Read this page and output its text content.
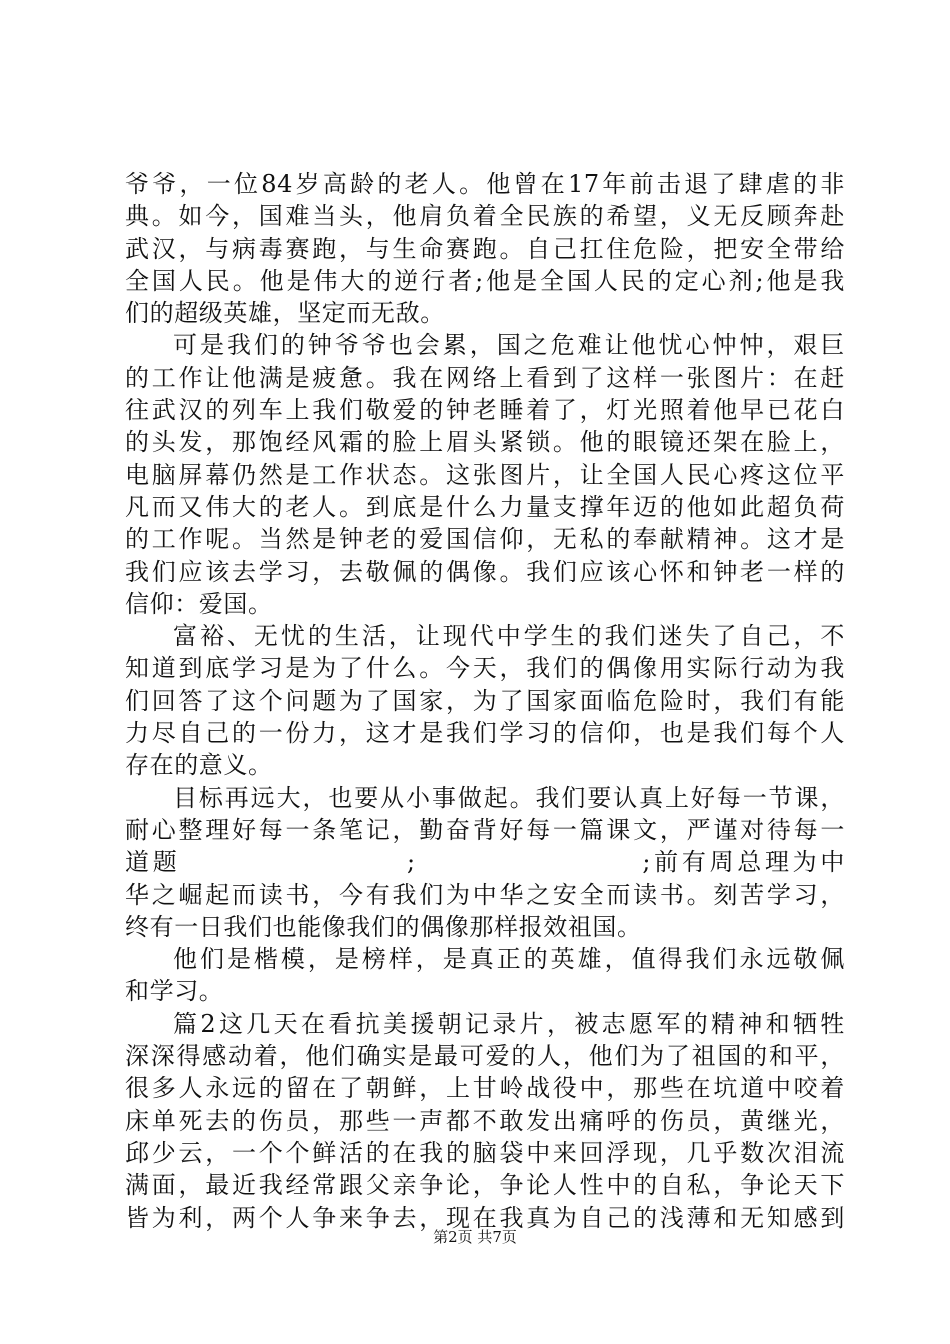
爷爷，一位84岁高龄的老人。他曾在17年前击退了肆虐的非
典。如今，国难当头，他肩负着全民族的希望，义无反顾奔赴
武汉，与病毒赛跑，与生命赛跑。自己扛住危险，把安全带给
全国人民。他是伟大的逆行者;他是全国人民的定心剂;他是我
们的超级英雄，坚定而无敌。
可是我们的钟爷爷也会累，国之危难让他忧心忡忡，艰巨
的工作让他满是疲惫。我在网络上看到了这样一张图片：在赶
往武汉的列车上我们敬爱的钟老睡着了，灯光照着他早已花白
的头发，那饱经风霜的脸上眉头紧锁。他的眼镜还架在脸上，
电脑屏幕仍然是工作状态。这张图片，让全国人民心疼这位平
凡而又伟大的老人。到底是什么力量支撑年迈的他如此超负荷
的工作呢。当然是钟老的爱国信仰，无私的奉献精神。这才是
我们应该去学习，去敬佩的偶像。我们应该心怀和钟老一样的
信仰：爱国。
富裕、无忧的生活，让现代中学生的我们迷失了自己，不
知道到底学习是为了什么。今天，我们的偶像用实际行动为我
们回答了这个问题为了国家，为了国家面临危险时，我们有能
力尽自己的一份力，这才是我们学习的信仰，也是我们每个人
存在的意义。
目标再远大，也要从小事做起。我们要认真上好每一节课，
耐心整理好每一条笔记，勤奋背好每一篇课文，严谨对待每一
道题                    ;                    ;前有周总理为中
华之崛起而读书，今有我们为中华之安全而读书。刻苦学习，
终有一日我们也能像我们的偶像那样报效祖国。
他们是楷模，是榜样，是真正的英雄，值得我们永远敬佩
和学习。
篇2这几天在看抗美援朝记录片，被志愿军的精神和牺牲
深深得感动着，他们确实是最可爱的人，他们为了祖国的和平，
很多人永远的留在了朝鲜，上甘岭战役中，那些在坑道中咬着
床单死去的伤员，那些一声都不敢发出痛呼的伤员，黄继光，
邱少云，一个个鲜活的在我的脑袋中来回浮现，几乎数次泪流
满面，最近我经常跟父亲争论，争论人性中的自私，争论天下
皆为利，两个人争来争去，现在我真为自己的浅薄和无知感到
第2页 共7页
